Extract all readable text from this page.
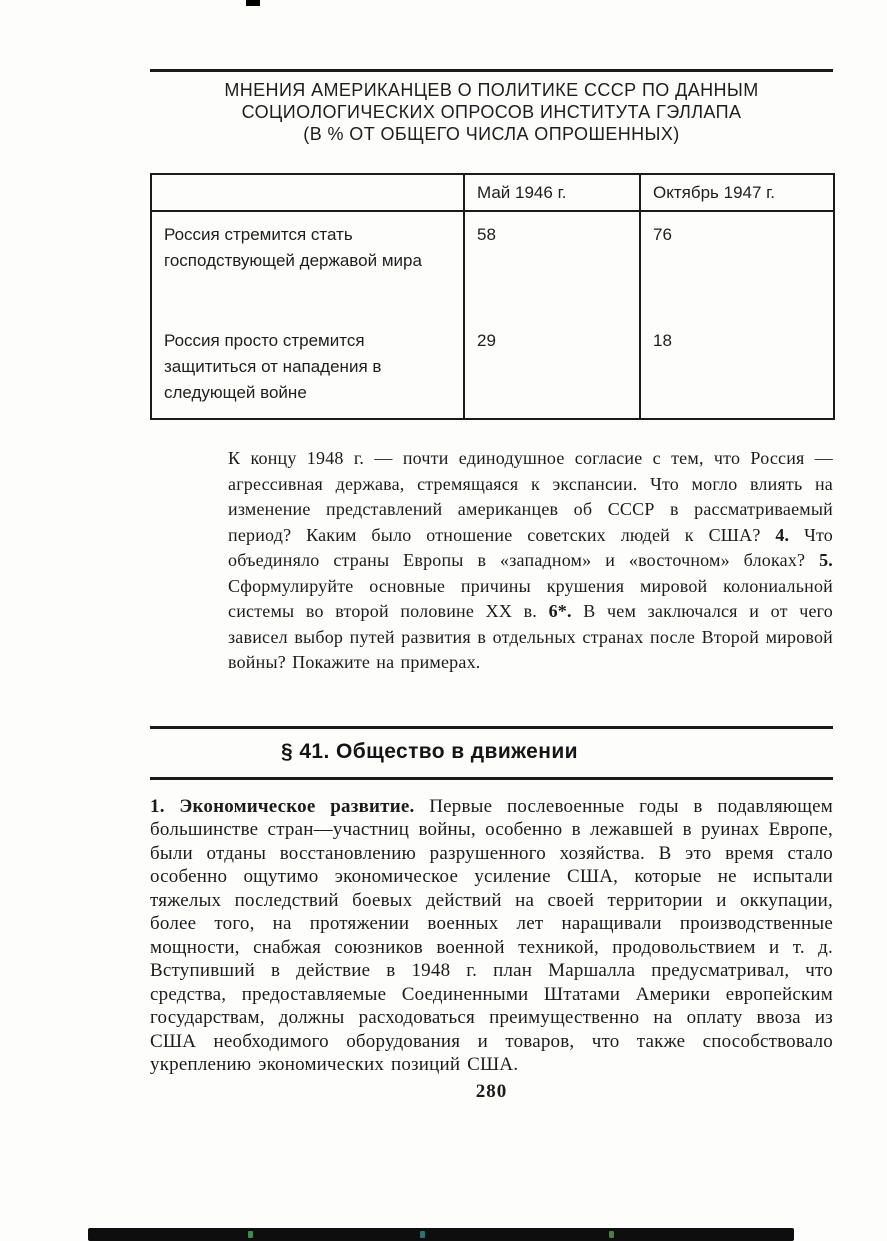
МНЕНИЯ АМЕРИКАНЦЕВ О ПОЛИТИКЕ СССР ПО ДАННЫМ
СОЦИОЛОГИЧЕСКИХ ОПРОСОВ ИНСТИТУТА ГЭЛЛАПА
(В % ОТ ОБЩЕГО ЧИСЛА ОПРОШЕННЫХ)
	Май 1946 г.	Октябрь 1947 г.
Россия стремится стать господствующей державой мира	58	76
Россия просто стремится защититься от нападения в следующей войне	29	18

К концу 1948 г. — почти единодушное согласие с тем, что Россия — агрессивная держава, стремящаяся к экспансии. Что могло влиять на изменение представлений американцев об СССР в рассматриваемый период? Каким было отношение советских людей к США? 4. Что объединяло страны Европы в «западном» и «восточном» блоках? 5. Сформулируйте основные причины крушения мировой колониальной системы во второй половине XX в. 6*. В чем заключался и от чего зависел выбор путей развития в отдельных странах после Второй мировой войны? Покажите на примерах.

§ 41. Общество в движении

1. Экономическое развитие. Первые послевоенные годы в подавляющем большинстве стран—участниц войны, особенно в лежавшей в руинах Европе, были отданы восстановлению разрушенного хозяйства. В это время стало особенно ощутимо экономическое усиление США, которые не испытали тяжелых последствий боевых действий на своей территории и оккупации, более того, на протяжении военных лет наращивали производственные мощности, снабжая союзников военной техникой, продовольствием и т. д. Вступивший в действие в 1948 г. план Маршалла предусматривал, что средства, предоставляемые Соединенными Штатами Америки европейским государствам, должны расходоваться преимущественно на оплату ввоза из США необходимого оборудования и товаров, что также способствовало укреплению экономических позиций США.

280
